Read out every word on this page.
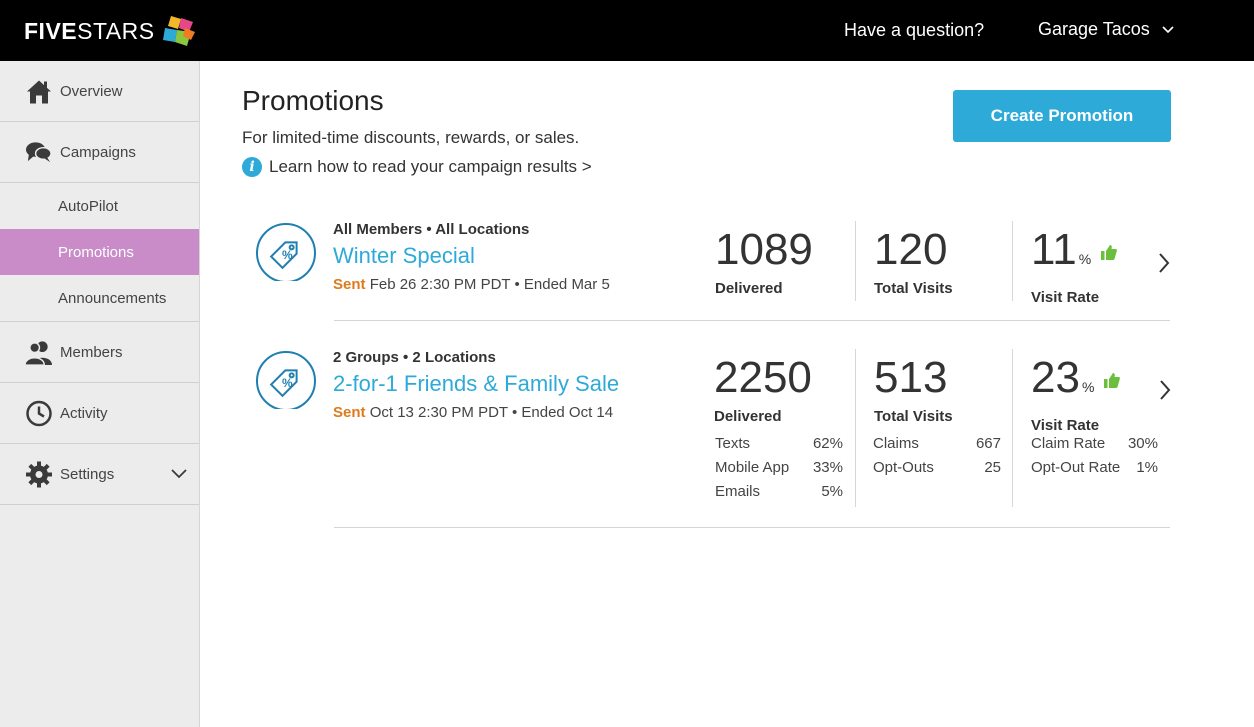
FIVESTARS	Have a question?	Garage Tacos
Overview
Campaigns
AutoPilot
Promotions
Announcements
Members
Activity
Settings
Promotions
For limited-time discounts, rewards, or sales.
i Learn how to read your campaign results >
Create Promotion
%
All Members • All Locations
Winter Special
Sent Feb 26 2:30 PM PDT • Ended Mar 5
1089
Delivered
120
Total Visits
11 %
Visit Rate
%
2 Groups • 2 Locations
2-for-1 Friends & Family Sale
Sent Oct 13 2:30 PM PDT • Ended Oct 14
2250
Delivered
Texts	62%
Mobile App 33%
Emails	5%
513
Total Visits
Claims	667
Opt-Outs	25
23 %
Visit Rate
Claim Rate 30%
Opt-Out Rate 1%
